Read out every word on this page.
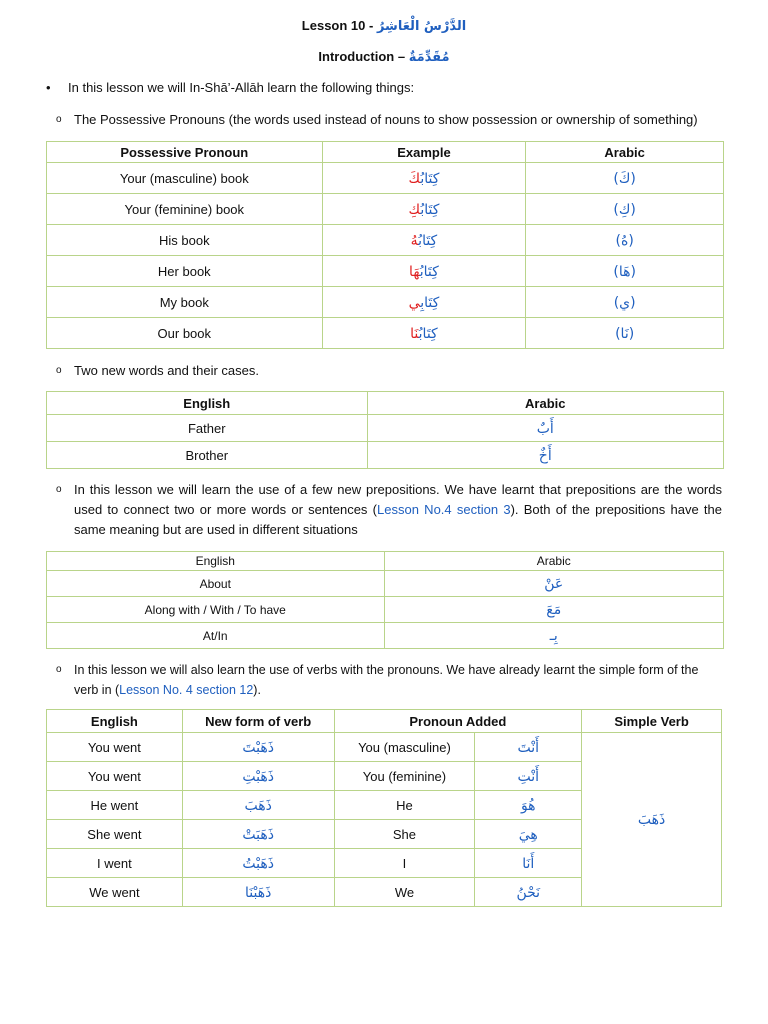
Lesson 10 - الدَّرْسُ الْعَاشِرُ
Introduction – مُقَدِّمَةٌ
• In this lesson we will In-Shā’-Allāh learn the following things:
o The Possessive Pronouns (the words used instead of nouns to show possession or ownership of something)
Possessive Pronoun	Example	Arabic
Your (masculine) book	كِتَابُكَ	(كَ)
Your (feminine) book	كِتَابُكِ	(كِ)
His book	كِتَابُهُ	(هُ)
Her book	كِتَابُهَا	(هَا)
My book	كِتَابِي	(ي)
Our book	كِتَابُنَا	(نَا)
o Two new words and their cases.
English	Arabic
Father	أَبٌ
Brother	أَخٌ
o In this lesson we will learn the use of a few new prepositions. We have learnt that prepositions are the words used to connect two or more words or sentences (Lesson No.4 section 3). Both of the prepositions have the same meaning but are used in different situations
English	Arabic
About	عَنْ
Along with / With / To have	مَعَ
At/In	بِـ
o In this lesson we will also learn the use of verbs with the pronouns. We have already learnt the simple form of the verb in (Lesson No. 4 section 12).
English	New form of verb	Pronoun Added		Simple Verb
You went	ذَهَبْتَ	You (masculine)	أَنْتَ	ذَهَبَ
You went	ذَهَبْتِ	You (feminine)	أَنْتِ	
He went	ذَهَبَ	He	هُوَ	
She went	ذَهَبَتْ	She	هِيَ	
I went	ذَهَبْتُ	I	أَنَا	
We went	ذَهَبْنَا	We	نَحْنُ	
